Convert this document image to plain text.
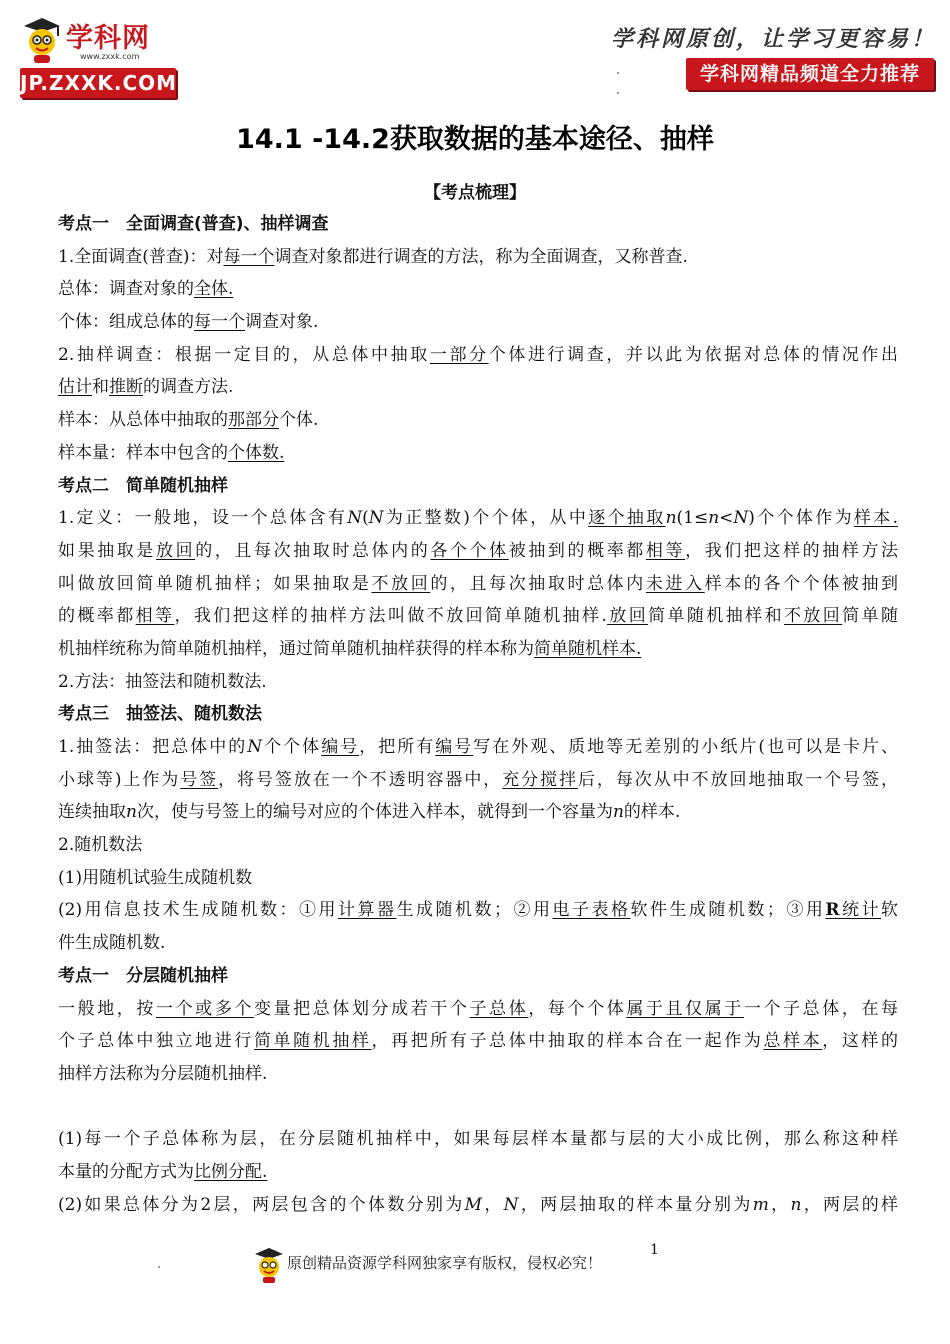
学科网
www.zxxk.com
JP.ZXXK.COM
学科网原创，让学习更容易！
学科网精品频道全力推荐
14.1 -14.2获取数据的基本途径、抽样
【考点梳理】
考点一　全面调查(普查)、抽样调查
1.全面调查(普查)：对每一个调查对象都进行调查的方法，称为全面调查，又称普查.
总体：调查对象的全体.
个体：组成总体的每一个调查对象.
2.抽样调查：根据一定目的，从总体中抽取一部分个体进行调查，并以此为依据对总体的情况作出
估计和推断的调查方法.
样本：从总体中抽取的那部分个体.
样本量：样本中包含的个体数.
考点二　简单随机抽样
1.定义：一般地，设一个总体含有N(N为正整数)个个体，从中逐个抽取n(1≤n<N)个个体作为样本.
如果抽取是放回的，且每次抽取时总体内的各个个体被抽到的概率都相等，我们把这样的抽样方法
叫做放回简单随机抽样；如果抽取是不放回的，且每次抽取时总体内未进入样本的各个个体被抽到
的概率都相等，我们把这样的抽样方法叫做不放回简单随机抽样.放回简单随机抽样和不放回简单随
机抽样统称为简单随机抽样，通过简单随机抽样获得的样本称为简单随机样本.
2.方法：抽签法和随机数法.
考点三　抽签法、随机数法
1.抽签法：把总体中的N个个体编号，把所有编号写在外观、质地等无差别的小纸片(也可以是卡片、
小球等)上作为号签，将号签放在一个不透明容器中，充分搅拌后，每次从中不放回地抽取一个号签，
连续抽取n次，使与号签上的编号对应的个体进入样本，就得到一个容量为n的样本.
2.随机数法
(1)用随机试验生成随机数
(2)用信息技术生成随机数：①用计算器生成随机数；②用电子表格软件生成随机数；③用R统计软
件生成随机数.
考点一　分层随机抽样
一般地，按一个或多个变量把总体划分成若干个子总体，每个个体属于且仅属于一个子总体，在每
个子总体中独立地进行简单随机抽样，再把所有子总体中抽取的样本合在一起作为总样本，这样的
抽样方法称为分层随机抽样.
(1)每一个子总体称为层，在分层随机抽样中，如果每层样本量都与层的大小成比例，那么称这种样
本量的分配方式为比例分配.
(2)如果总体分为2层，两层包含的个体数分别为M，N，两层抽取的样本量分别为m，n，两层的样
1
原创精品资源学科网独家享有版权，侵权必究！
